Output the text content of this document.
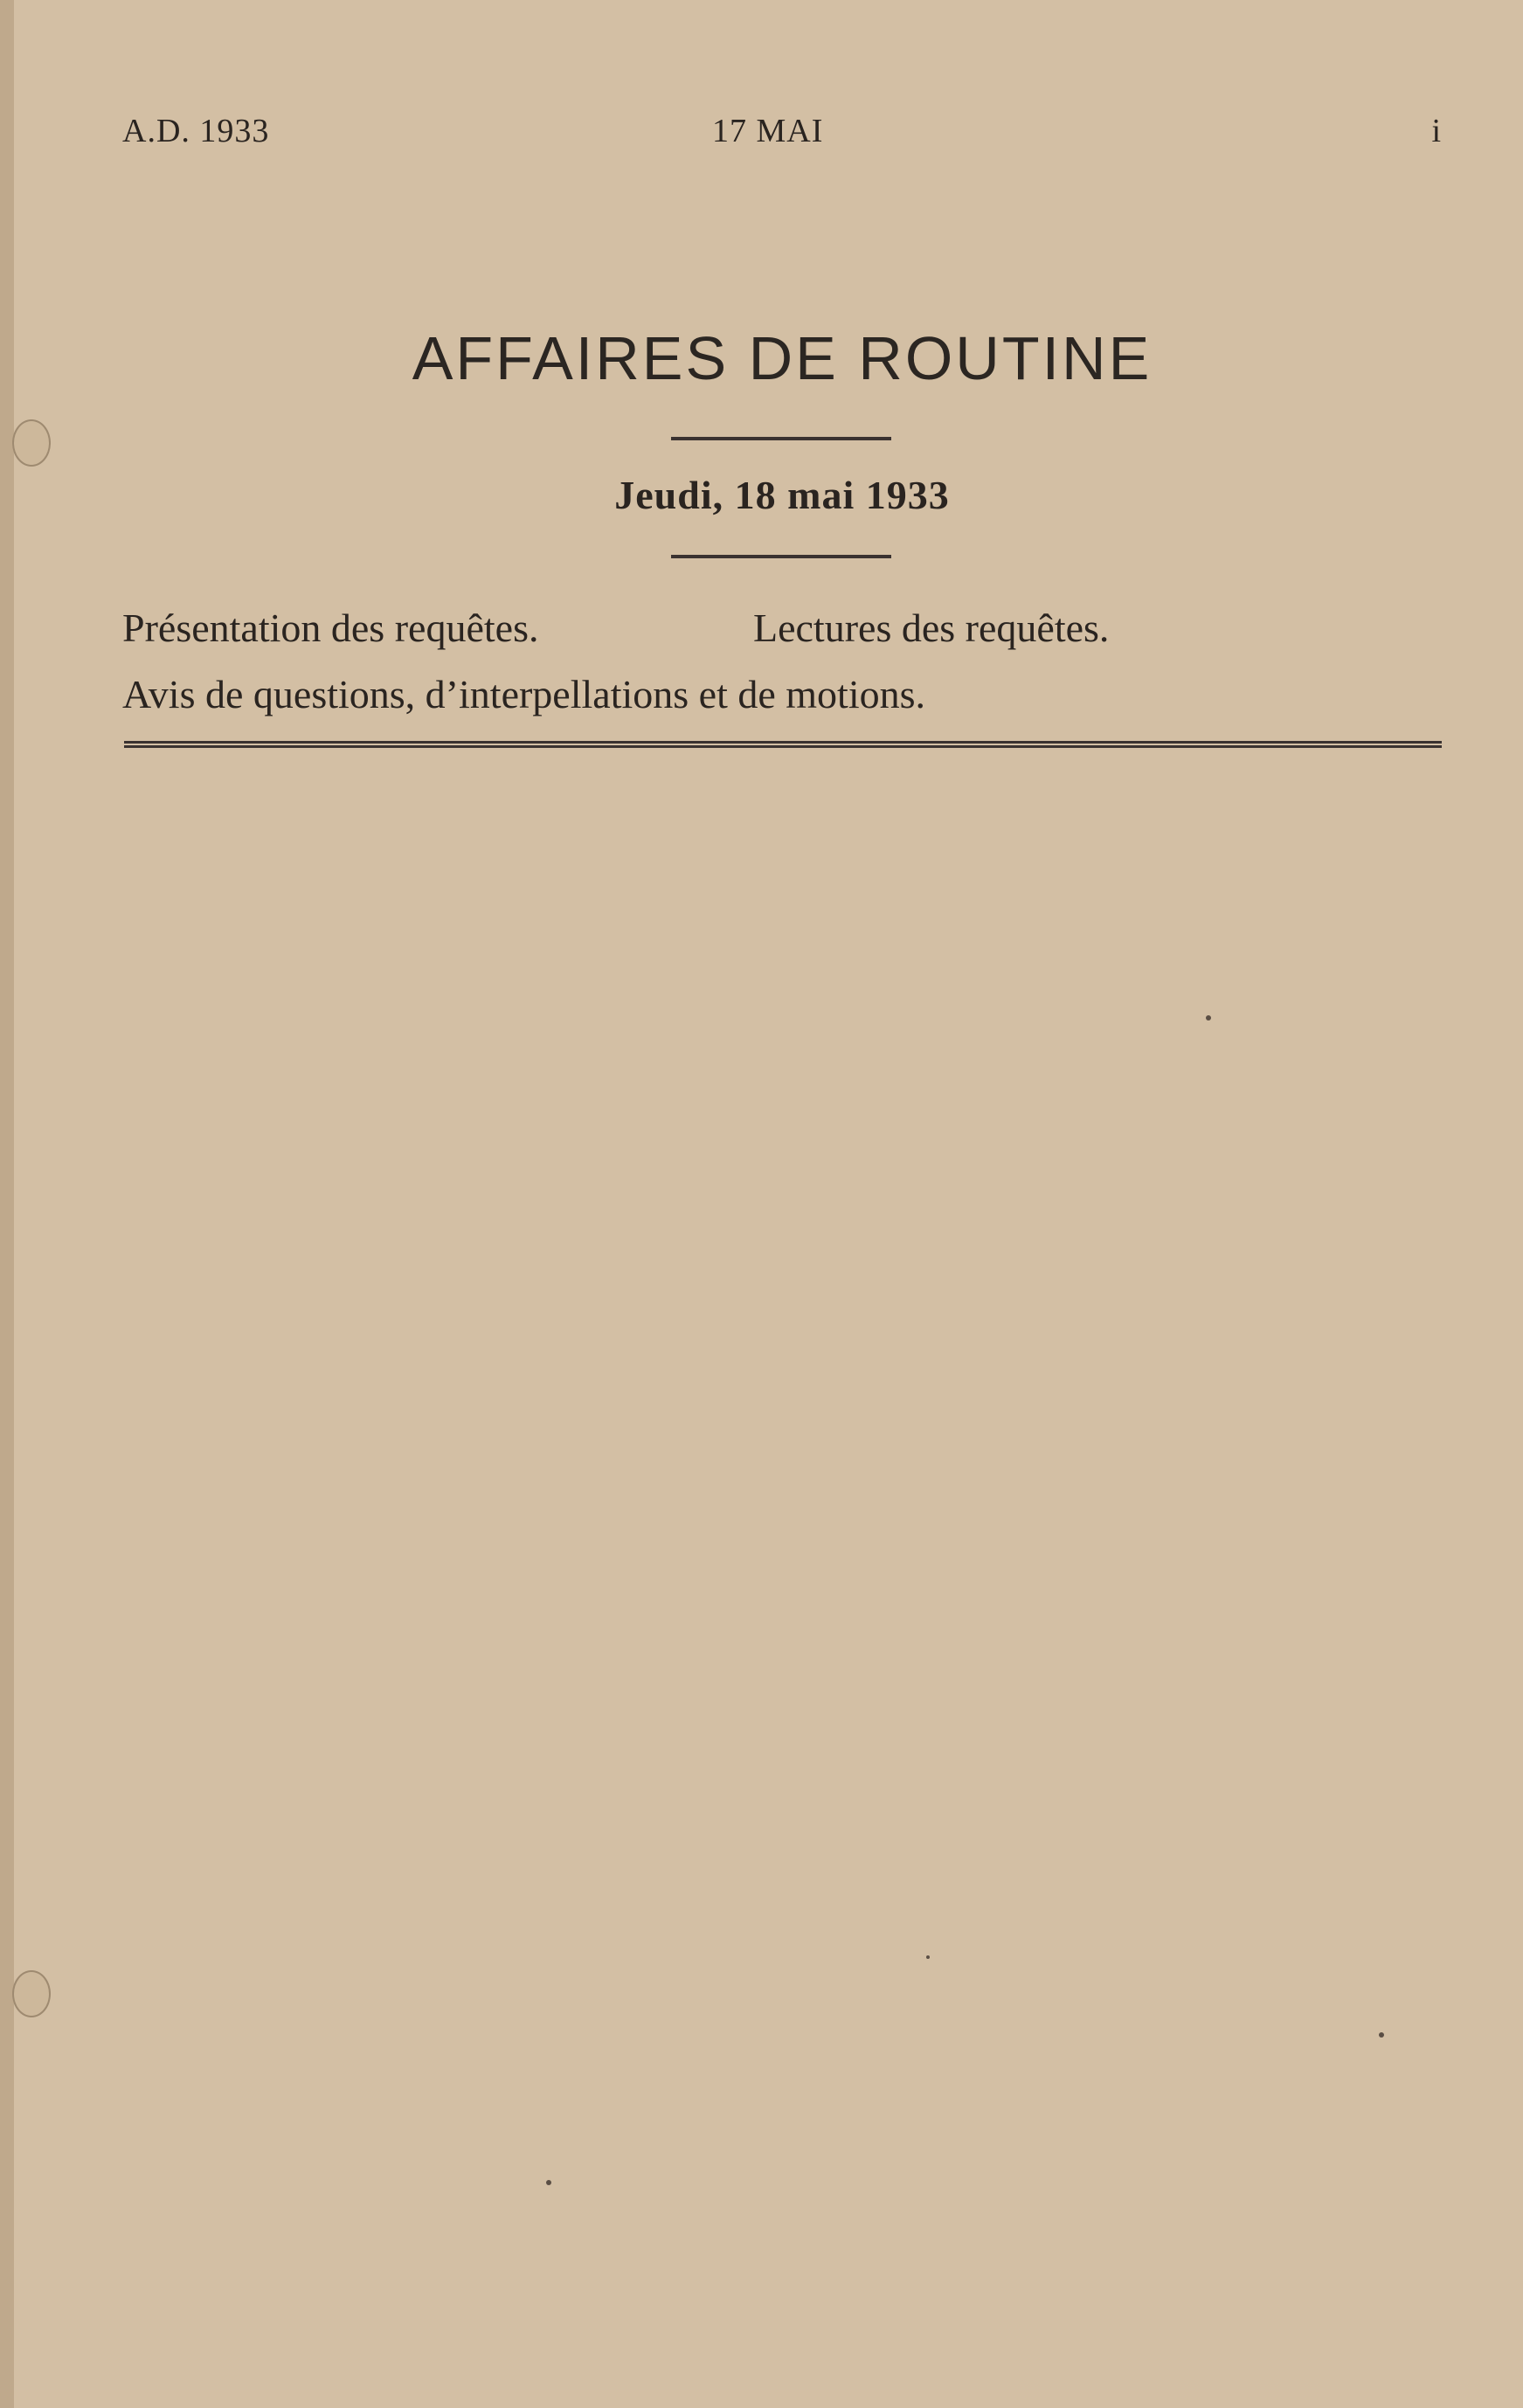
A.D. 1933	17 MAI	i
AFFAIRES DE ROUTINE
Jeudi, 18 mai 1933
Présentation des requêtes.	Lectures des requêtes.
Avis de questions, d’interpellations et de motions.
